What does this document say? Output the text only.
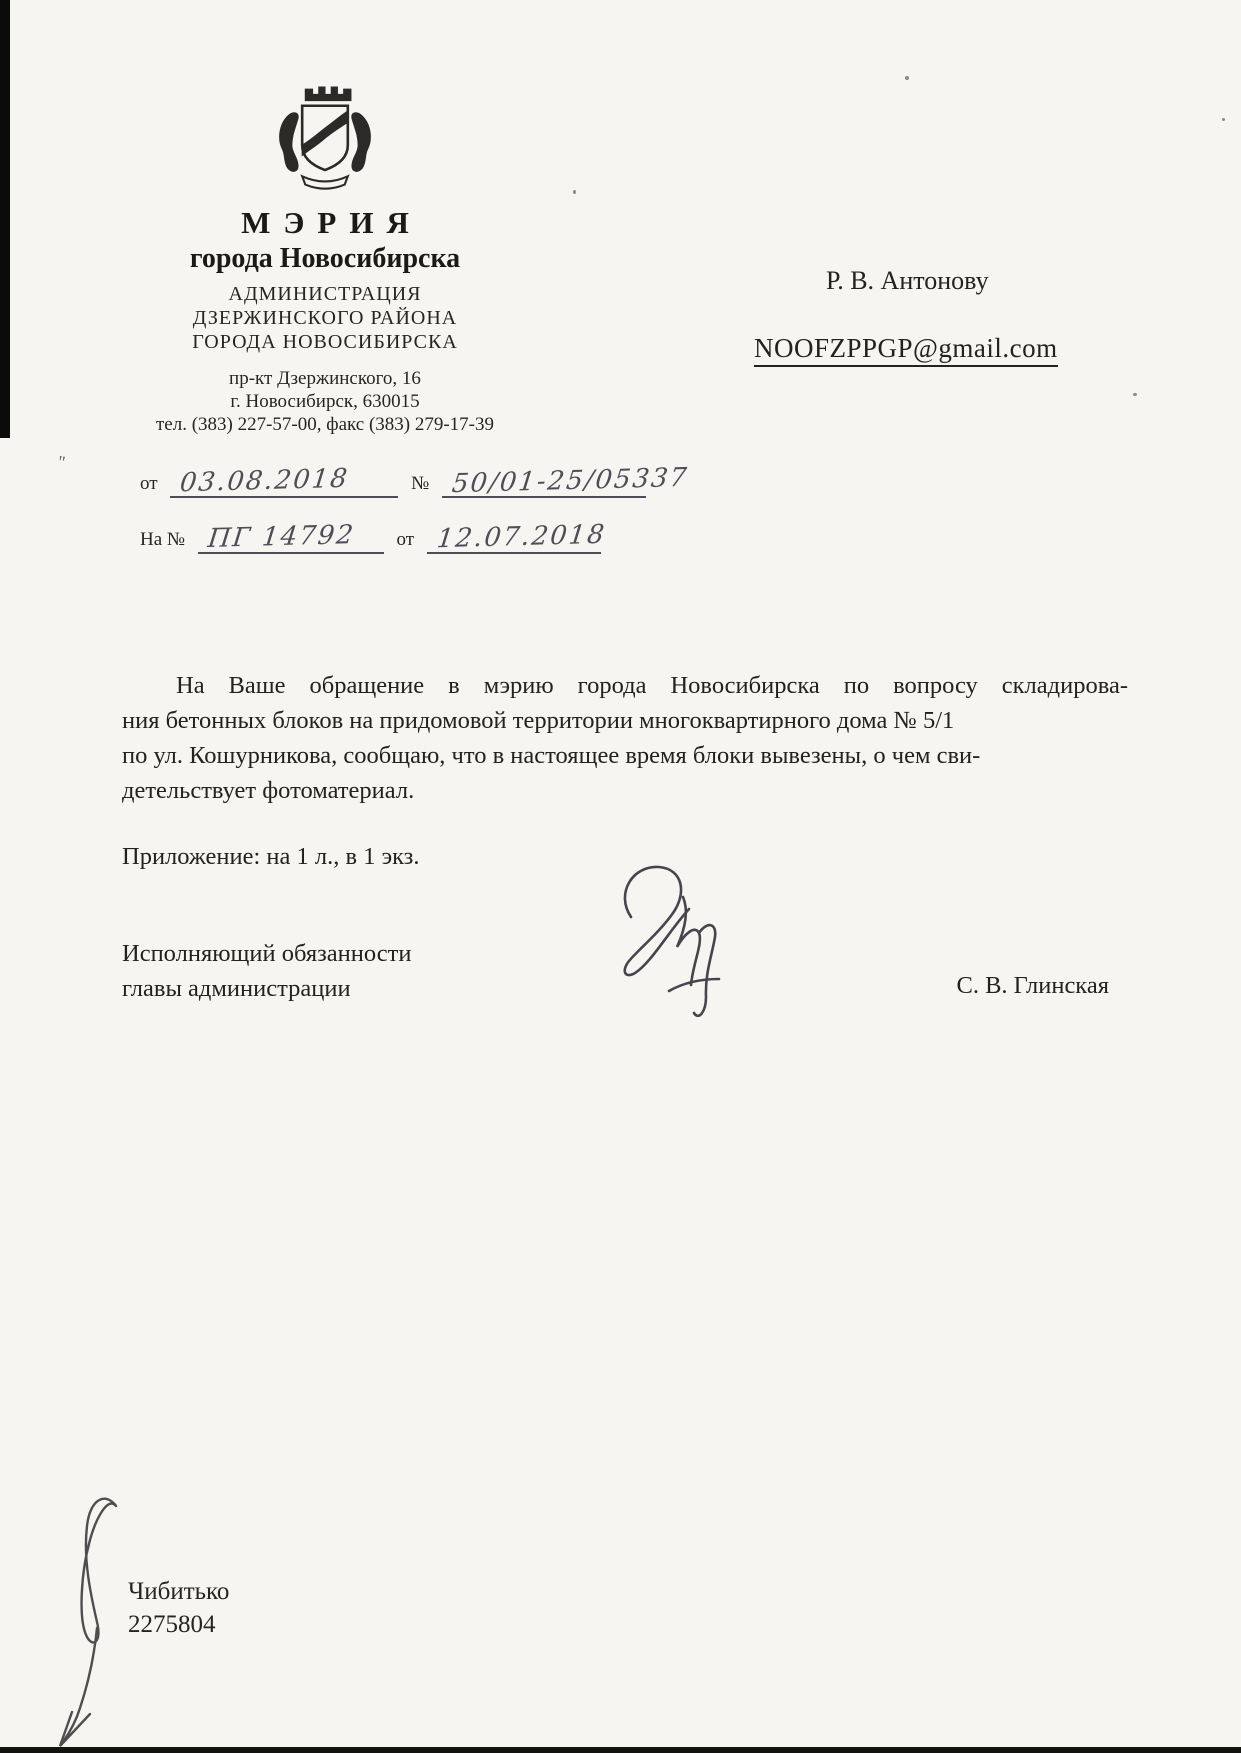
''
МЭРИЯ
города Новосибирска
АДМИНИСТРАЦИЯ
ДЗЕРЖИНСКОГО РАЙОНА
ГОРОДА НОВОСИБИРСКА
пр-кт Дзержинского, 16
г. Новосибирск, 630015
тел. (383) 227-57-00, факс (383) 279-17-39
от 03.08.2018	№ 50/01-25/05337
На № ПГ 14792 от 12.07.2018
Р. В. Антонову
NOOFZPPGP@gmail.com
На Ваше обращение в мэрию города Новосибирска по вопросу складирова-
ния бетонных блоков на придомовой территории многоквартирного дома № 5/1
по ул. Кошурникова, сообщаю, что в настоящее время блоки вывезены, о чем сви-
детельствует фотоматериал.
Приложение: на 1 л., в 1 экз.
Исполняющий обязанности
главы администрации	С. В. Глинская
Чибитько
2275804
